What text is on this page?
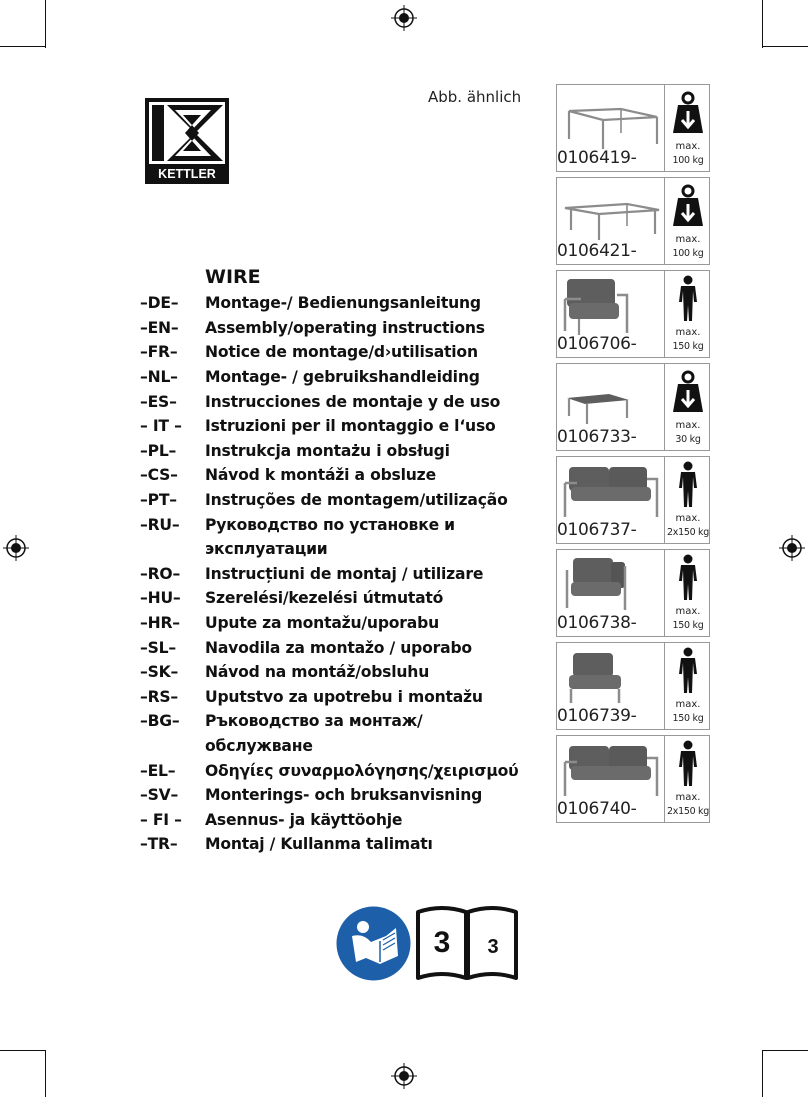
KETTLER
Abb. ähnlich
WIRE
–DE–	Montage-/ Bedienungsanleitung
–EN–	Assembly/operating instructions
–FR–	Notice de montage/d›utilisation
–NL–	Montage- / gebruikshandleiding
–ES–	Instrucciones de montaje y de uso
– IT –	Istruzioni per il montaggio e l‘uso
–PL–	Instrukcja montażu i obsługi
–CS–	Návod k montáži a obsluze
–PT–	Instruções de montagem/utilização
–RU–	Руководство по установке и
эксплуатации
–RO–	Instrucțiuni de montaj / utilizare
–HU–	Szerelési/kezelési útmutató
–HR–	Upute za montažu/uporabu
–SL–	Navodila za montažo / uporabo
–SK–	Návod na montáž/obsluhu
–RS–	Uputstvo za upotrebu i montažu
–BG–	Ръководство за монтаж/
обслужване
–EL–	Οδηγίες συναρμολόγησης/χειρισμού
–SV–	Monterings- och bruksanvisning
– FI –	Asennus- ja käyttöohje
–TR–	Montaj / Kullanma talimatı
0106419-
max.
100 kg
0106421-
max.
100 kg
0106706-
max.
150 kg
0106733-
max.
30 kg
0106737-
max.
2x150 kg
0106738-
max.
150 kg
0106739-
max.
150 kg
0106740-
max.
2x150 kg
3 3
